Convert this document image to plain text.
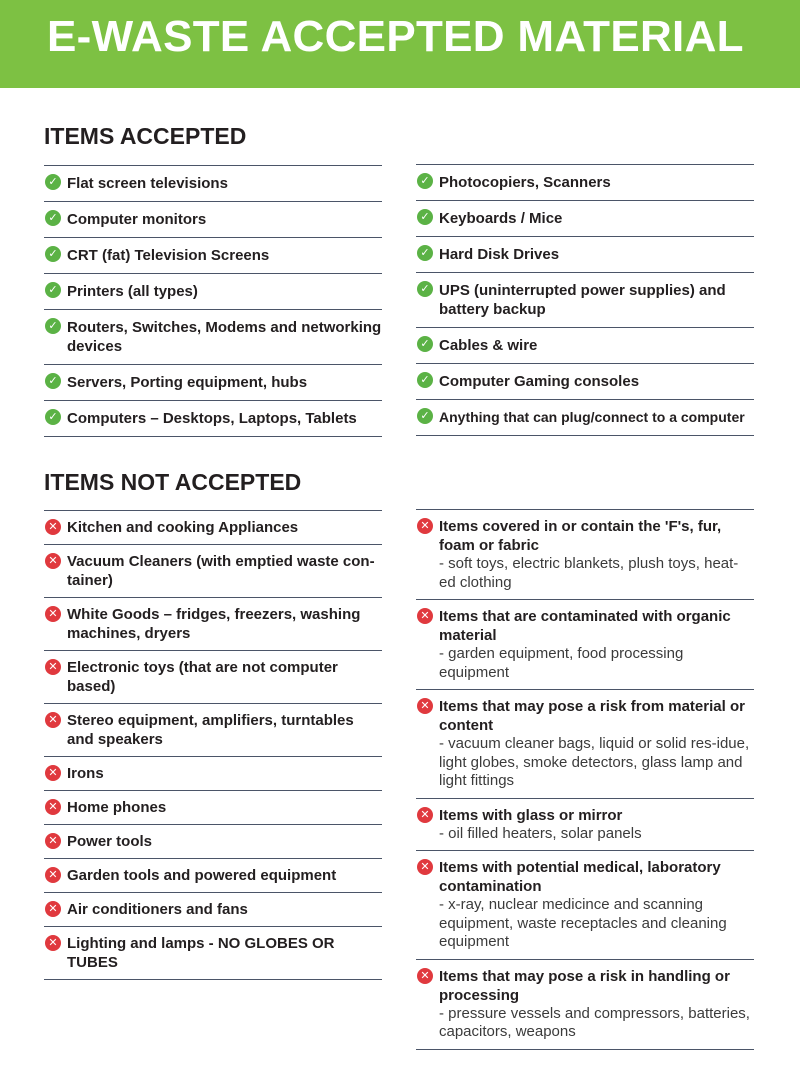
E-WASTE ACCEPTED MATERIAL
ITEMS ACCEPTED
✓ Flat screen televisions
✓ Computer monitors
✓ CRT (fat) Television Screens
✓ Printers (all types)
✓ Routers, Switches, Modems and networking devices
✓ Servers, Porting equipment, hubs
✓ Computers – Desktops, Laptops, Tablets
✓ Photocopiers, Scanners
✓ Keyboards / Mice
✓ Hard Disk Drives
✓ UPS (uninterrupted power supplies) and battery backup
✓ Cables & wire
✓ Computer Gaming consoles
✓ Anything that can plug/connect to a computer
ITEMS NOT ACCEPTED
✕ Kitchen and cooking Appliances
✕ Vacuum Cleaners (with emptied waste con-tainer)
✕ White Goods – fridges, freezers, washing machines, dryers
✕ Electronic toys (that are not computer based)
✕ Stereo equipment, amplifiers, turntables and speakers
✕ Irons
✕ Home phones
✕ Power tools
✕ Garden tools and powered equipment
✕ Air conditioners and fans
✕ Lighting and lamps - NO GLOBES OR TUBES
✕ Items covered in or contain the 'F's, fur, foam or fabric
- soft toys, electric blankets, plush toys, heat-ed clothing
✕ Items that are contaminated with organic material
- garden equipment, food processing equipment
✕ Items that may pose a risk from material or content
- vacuum cleaner bags, liquid or solid res-idue, light globes, smoke detectors, glass lamp and light fittings
✕ Items with glass or mirror
- oil filled heaters, solar panels
✕ Items with potential medical, laboratory contamination
- x-ray, nuclear medicince and scanning equipment, waste receptacles and cleaning equipment
✕ Items that may pose a risk in handling or processing
- pressure vessels and compressors, batteries, capacitors, weapons
